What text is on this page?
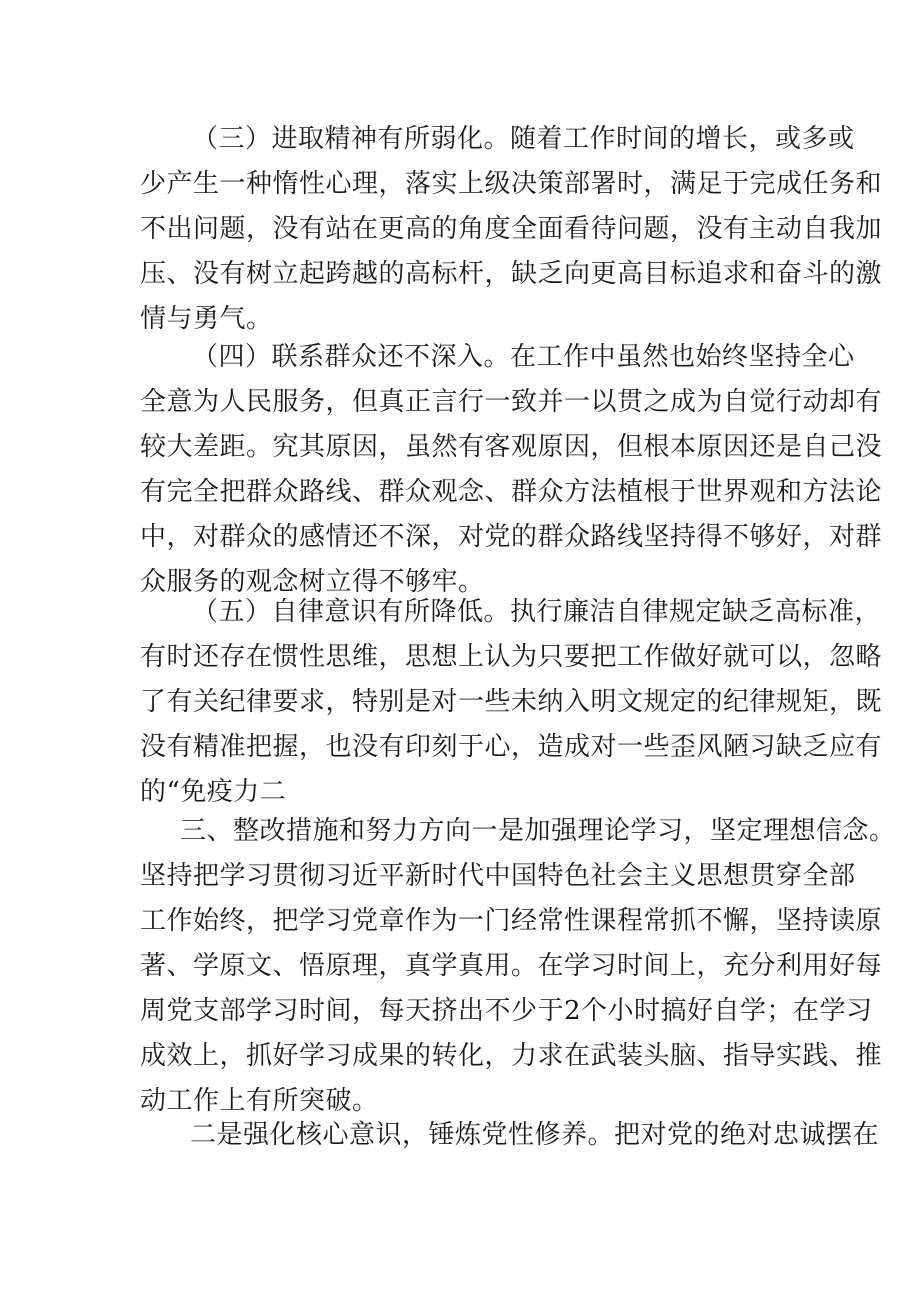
（三）进取精神有所弱化。随着工作时间的增长，或多或
少产生一种惰性心理，落实上级决策部署时，满足于完成任务和
不出问题，没有站在更高的角度全面看待问题，没有主动自我加
压、没有树立起跨越的高标杆，缺乏向更高目标追求和奋斗的激
情与勇气。

（四）联系群众还不深入。在工作中虽然也始终坚持全心
全意为人民服务，但真正言行一致并一以贯之成为自觉行动却有
较大差距。究其原因，虽然有客观原因，但根本原因还是自己没
有完全把群众路线、群众观念、群众方法植根于世界观和方法论
中，对群众的感情还不深，对党的群众路线坚持得不够好，对群
众服务的观念树立得不够牢。

（五）自律意识有所降低。执行廉洁自律规定缺乏高标准，
有时还存在惯性思维，思想上认为只要把工作做好就可以，忽略
了有关纪律要求，特别是对一些未纳入明文规定的纪律规矩，既
没有精准把握，也没有印刻于心，造成对一些歪风陋习缺乏应有
的“免疫力二

三、整改措施和努力方向一是加强理论学习，坚定理想信念。
坚持把学习贯彻习近平新时代中国特色社会主义思想贯穿全部
工作始终，把学习党章作为一门经常性课程常抓不懈，坚持读原
著、学原文、悟原理，真学真用。在学习时间上，充分利用好每
周党支部学习时间，每天挤出不少于2个小时搞好自学；在学习
成效上，抓好学习成果的转化，力求在武装头脑、指导实践、推
动工作上有所突破。

二是强化核心意识，锤炼党性修养。把对党的绝对忠诚摆在
